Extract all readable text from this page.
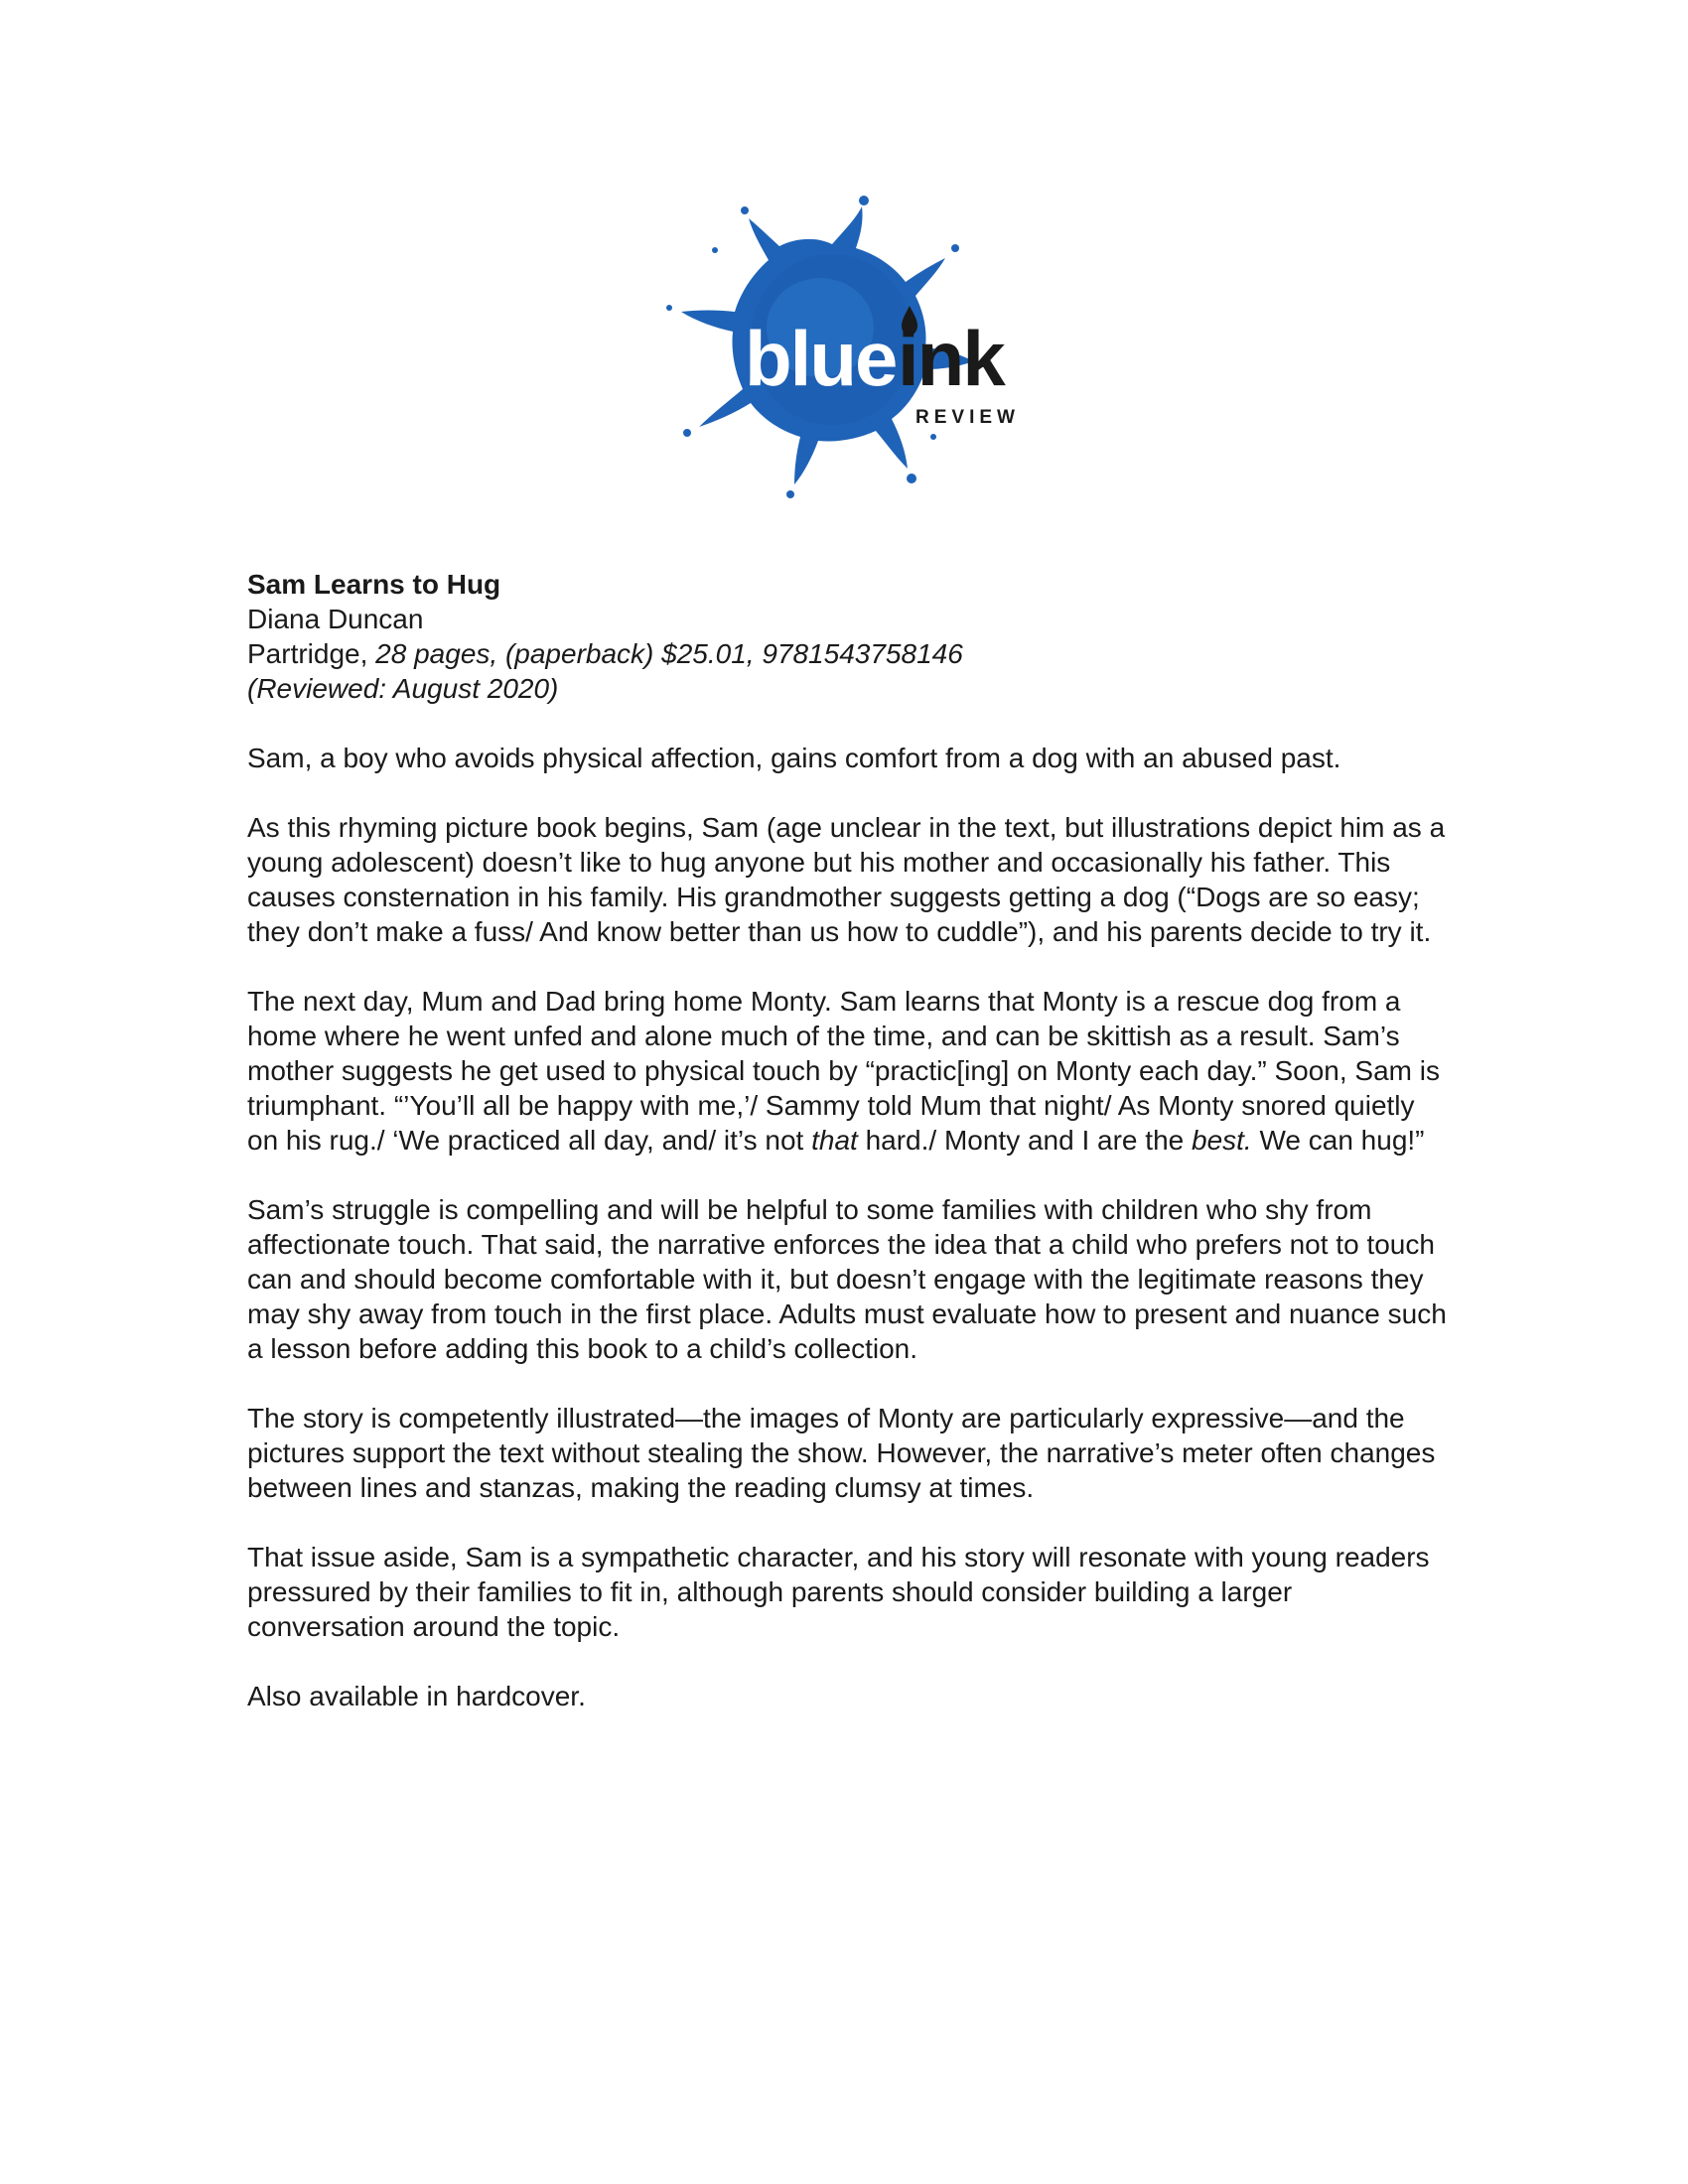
blue ink
REVIEW

Sam Learns to Hug

Diana Duncan

Partridge, 28 pages, (paperback) $25.01, 9781543758146

(Reviewed: August 2020)

Sam, a boy who avoids physical affection, gains comfort from a dog with an abused past.

As this rhyming picture book begins, Sam (age unclear in the text, but illustrations depict him as a young adolescent) doesn’t like to hug anyone but his mother and occasionally his father. This causes consternation in his family. His grandmother suggests getting a dog (“Dogs are so easy; they don’t make a fuss/ And know better than us how to cuddle”), and his parents decide to try it.

The next day, Mum and Dad bring home Monty. Sam learns that Monty is a rescue dog from a home where he went unfed and alone much of the time, and can be skittish as a result. Sam’s mother suggests he get used to physical touch by “practic[ing] on Monty each day.” Soon, Sam is triumphant. “’You’ll all be happy with me,’/ Sammy told Mum that night/ As Monty snored quietly on his rug./ ‘We practiced all day, and/ it’s not that hard./ Monty and I are the best. We can hug!”

Sam’s struggle is compelling and will be helpful to some families with children who shy from affectionate touch. That said, the narrative enforces the idea that a child who prefers not to touch can and should become comfortable with it, but doesn’t engage with the legitimate reasons they may shy away from touch in the first place. Adults must evaluate how to present and nuance such a lesson before adding this book to a child’s collection.

The story is competently illustrated—the images of Monty are particularly expressive—and the pictures support the text without stealing the show. However, the narrative’s meter often changes between lines and stanzas, making the reading clumsy at times.

That issue aside, Sam is a sympathetic character, and his story will resonate with young readers pressured by their families to fit in, although parents should consider building a larger conversation around the topic.

Also available in hardcover.
